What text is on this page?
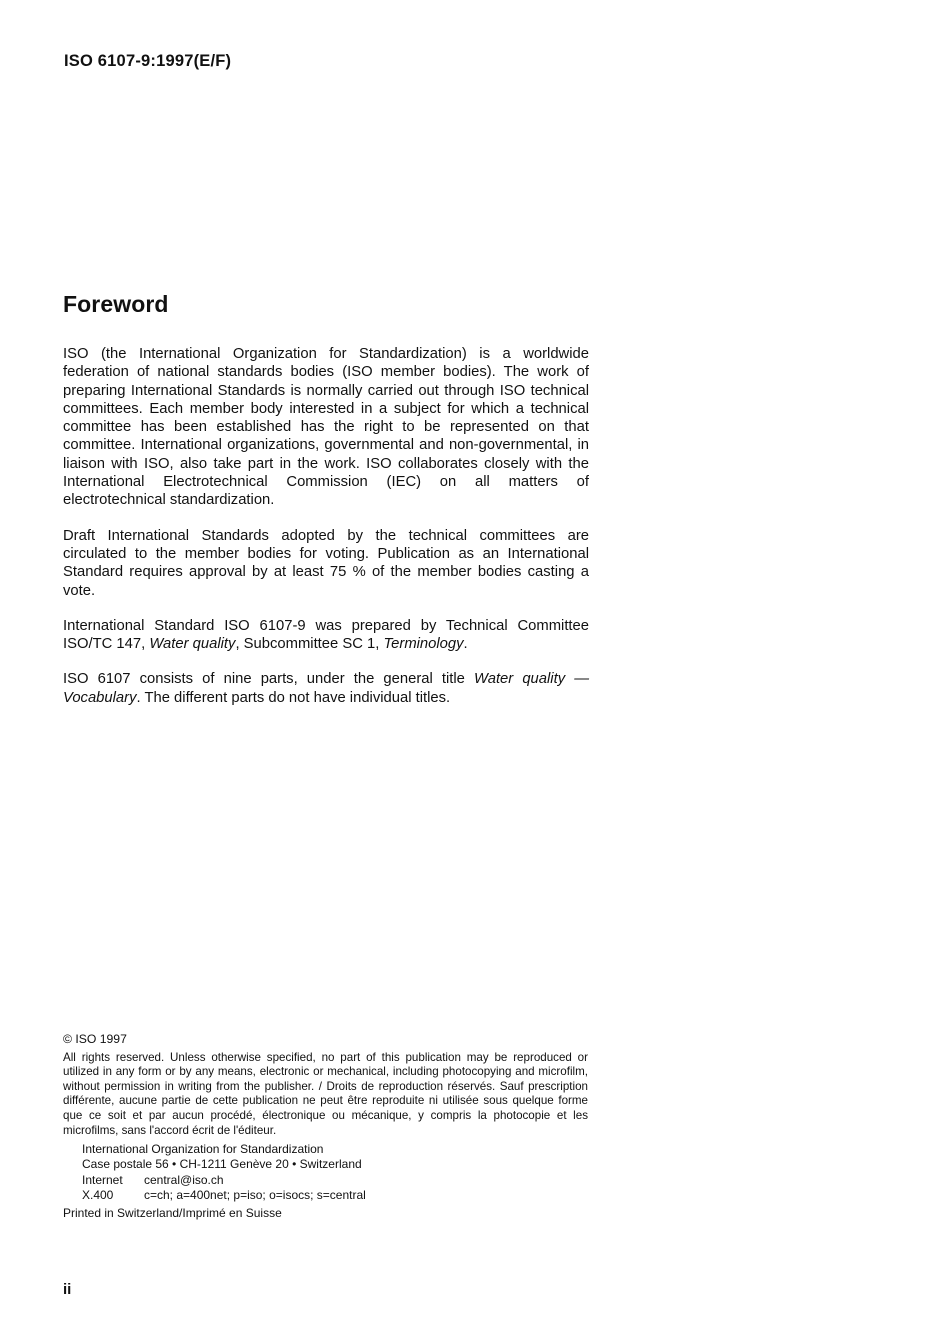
ISO 6107-9:1997(E/F)
Foreword

ISO (the International Organization for Standardization) is a worldwide federation of national standards bodies (ISO member bodies). The work of preparing International Standards is normally carried out through ISO technical committees. Each member body interested in a subject for which a technical committee has been established has the right to be represented on that committee. International organizations, governmental and non-governmental, in liaison with ISO, also take part in the work. ISO collaborates closely with the International Electrotechnical Commission (IEC) on all matters of electrotechnical standardization.

Draft International Standards adopted by the technical committees are circulated to the member bodies for voting. Publication as an International Standard requires approval by at least 75 % of the member bodies casting a vote.

International Standard ISO 6107-9 was prepared by Technical Committee ISO/TC 147, Water quality, Subcommittee SC 1, Terminology.

ISO 6107 consists of nine parts, under the general title Water quality — Vocabulary. The different parts do not have individual titles.

© ISO 1997
All rights reserved. Unless otherwise specified, no part of this publication may be reproduced or utilized in any form or by any means, electronic or mechanical, including photocopying and microfilm, without permission in writing from the publisher. / Droits de reproduction réservés. Sauf prescription différente, aucune partie de cette publication ne peut être reproduite ni utilisée sous quelque forme que ce soit et par aucun procédé, électronique ou mécanique, y compris la photocopie et les microfilms, sans l'accord écrit de l'éditeur.
International Organization for Standardization
Case postale 56 • CH-1211 Genève 20 • Switzerland
Internet central@iso.ch
X.400	c=ch; a=400net; p=iso; o=isocs; s=central
Printed in Switzerland/Imprimé en Suisse
ii
